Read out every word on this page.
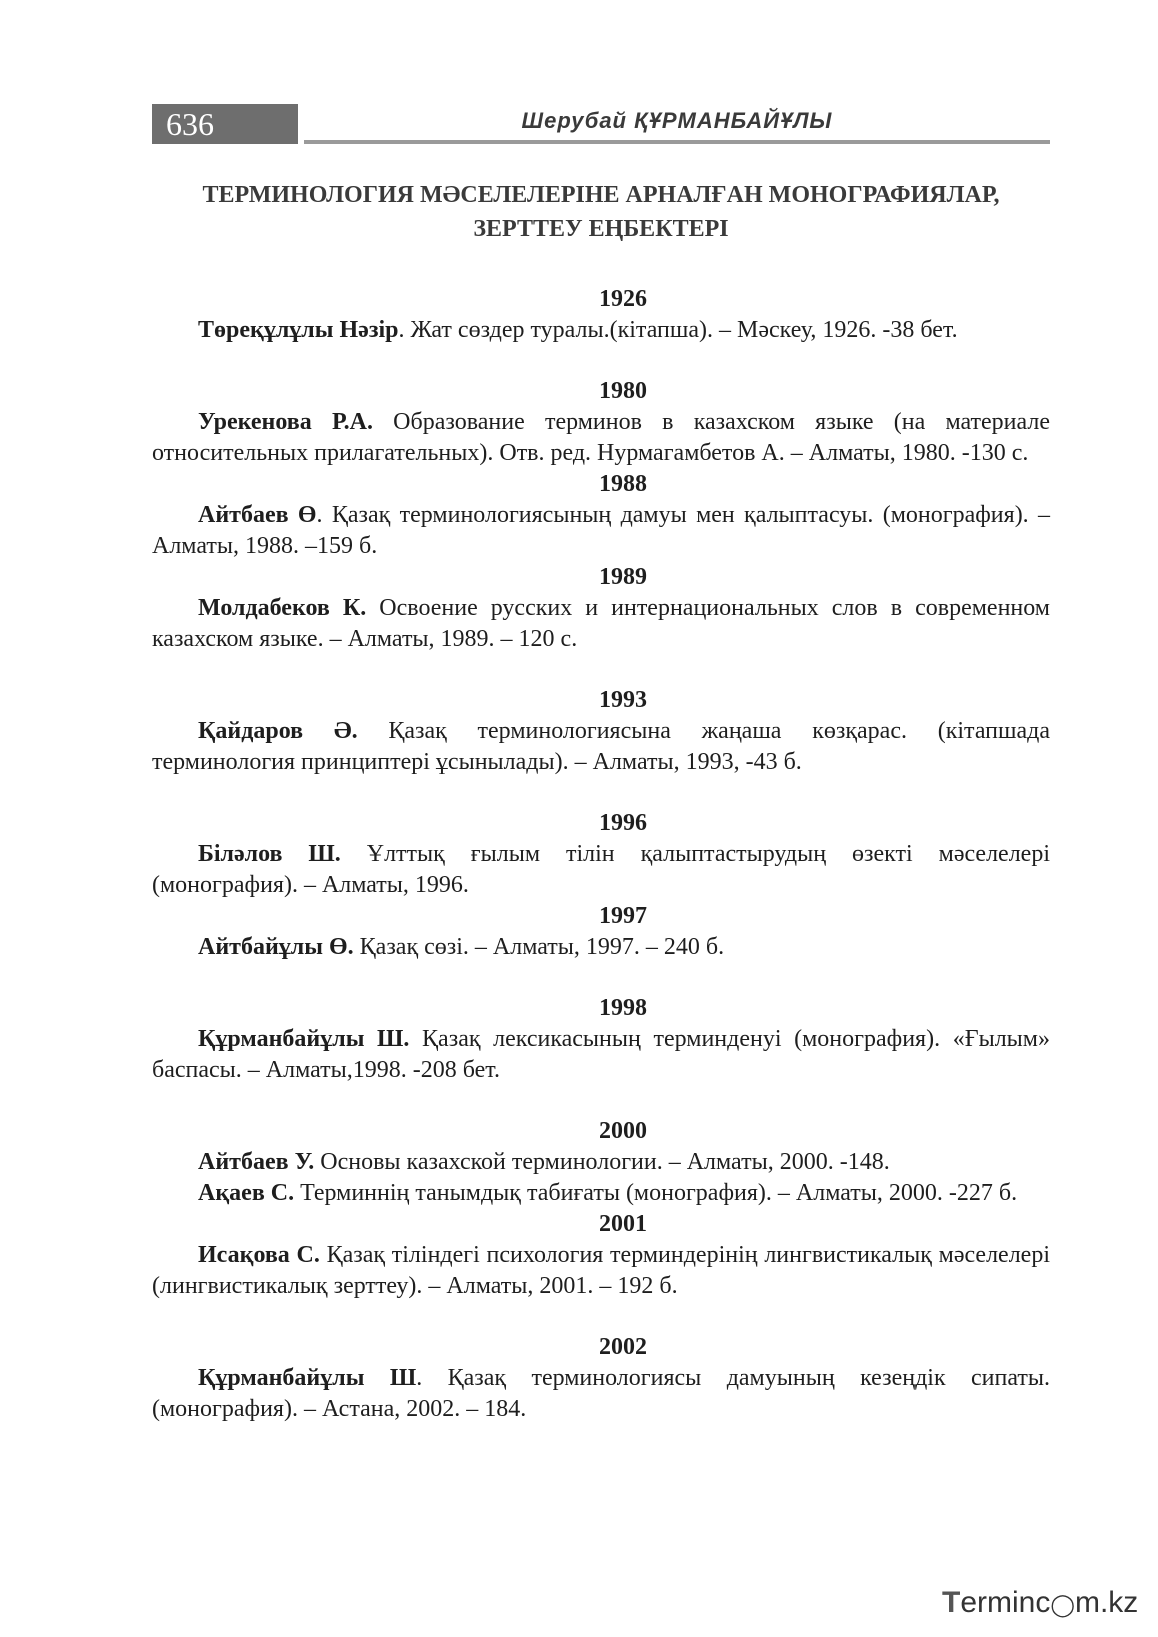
636	Шерубай ҚҰРМАНБАЙҰЛЫ
ТЕРМИНОЛОГИЯ МӘСЕЛЕЛЕРІНЕ АРНАЛҒАН МОНОГРАФИЯЛАР,
ЗЕРТТЕУ ЕҢБЕКТЕРІ

1926

Төреқұлұлы Нәзір. Жат сөздер туралы.(кітапша). – Мәскеу, 1926. -38 бет.

1980

Урекенова Р.А. Образование терминов в казахском языке (на материале относительных прилагательных). Отв. ред. Нурмагамбетов А. – Алматы, 1980. -130 с.

1988

Айтбаев Ө. Қазақ терминологиясының дамуы мен қалыптасуы. (монография). – Алматы, 1988. –159 б.

1989

Молдабеков К. Освоение русских и интернациональных слов в современном казахском языке. – Алматы, 1989. – 120 с.

1993

Қайдаров Ә. Қазақ терминологиясына жаңаша көзқарас. (кітапшада терминология принциптері ұсынылады). – Алматы, 1993, -43 б.

1996

Біләлов Ш. Ұлттық ғылым тілін қалыптастырудың өзекті мәселелері (монография). – Алматы, 1996.

1997

Айтбайұлы Ө. Қазақ сөзі. – Алматы, 1997. – 240 б.

1998

Құрманбайұлы Ш. Қазақ лексикасының терминденуі (монография). «Ғылым» баспасы. – Алматы,1998. -208 бет.

2000

Айтбаев У. Основы казахской терминологии. – Алматы, 2000. -148.

Ақаев С. Терминнің танымдық табиғаты (монография). – Алматы, 2000. -227 б.

2001

Исақова С. Қазақ тіліндегі психология терминдерінің лингвистикалық мәселелері (лингвистикалық зерттеу). – Алматы, 2001. – 192 б.

2002

Құрманбайұлы Ш. Қазақ терминологиясы дамуының кезеңдік сипаты. (монография). – Астана, 2002. – 184.

Terminc◯m.kz
